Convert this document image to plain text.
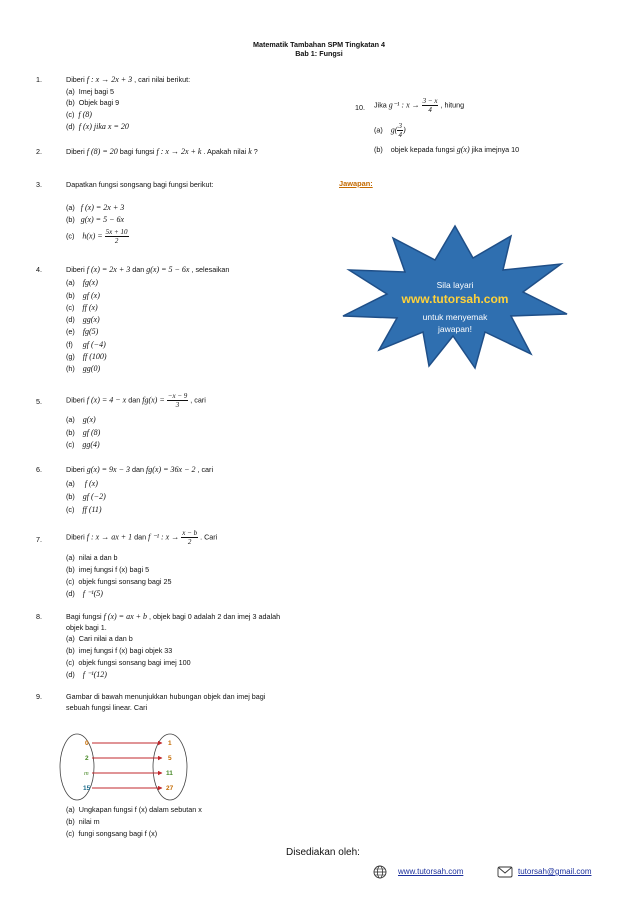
Matematik Tambahan SPM Tingkatan 4
Bab 1: Fungsi
1.	Diberi f : x → 2x + 3 , cari nilai berikut:
(a) Imej bagi 5
(b) Objek bagi 9
(c) f (8)
(d) f (x) jika x = 20
2.	Diberi f (8) = 20 bagi fungsi f : x → 2x + k . Apakah nilai k ?
3.	Dapatkan fungsi songsang bagi fungsi berikut:
(a) f (x) = 2x + 3
(b) g(x) = 5 − 6x
(c) $h(x) = \frac{5x + 10}{2}$
4.	Diberi f (x) = 2x + 3 dan g(x) = 5 − 6x , selesaikan
(a) fg(x)
(b) gf (x)
(c) ff (x)
(d) gg(x)
(e) fg(5)
(f) gf (−4)
(g) ff (100)
(h) gg(0)
5.	Diberi f (x) = 4 − x dan $fg(x) = \frac{-x - 9}{3}$ , cari
(a) g(x)
(b) gf (8)
(c) gg(4)
6.	Diberi g(x) = 9x − 3 dan fg(x) = 36x − 2 , cari
(a) f (x)
(b) gf (−2)
(c) ff (11)
7.	Diberi f : x → ax + 1 dan f ⁻¹ : $x \to \frac{x - b}{2}$ . Cari
(a) nilai a dan b
(b) imej fungsi f (x) bagi 5
(c) objek fungsi sonsang bagi 25
(d) f ⁻¹(5)
8.	Bagi fungsi f (x) = ax + b , objek bagi 0 adalah 2 dan imej 3 adalah
objek bagi 1.
(a) Cari nilai a dan b
(b) imej fungsi f (x) bagi objek 33
(c) objek fungsi sonsang bagi imej 100
(d) f ⁻¹(12)
9.	Gambar di bawah menunjukkan hubungan objek dan imej bagi
sebuah fungsi linear. Cari
0
2
m
15
1
5
11
27
(a) Ungkapan fungsi f (x) dalam sebutan x
(b) nilai m
(c) fungi songsang bagi f (x)
10. Jika g⁻¹ : $x \to \frac{3 - x}{4}$ , hitung
(a) $g( \frac{3}{4}$ )
(b) objek kepada fungsi g(x) jika imejnya 10
Jawapan:
Sila layari
www.tutorsah.com
untuk menyemak
jawapan!
Disediakan oleh:
www.tutorsah.com	tutorsah@gmail.com
